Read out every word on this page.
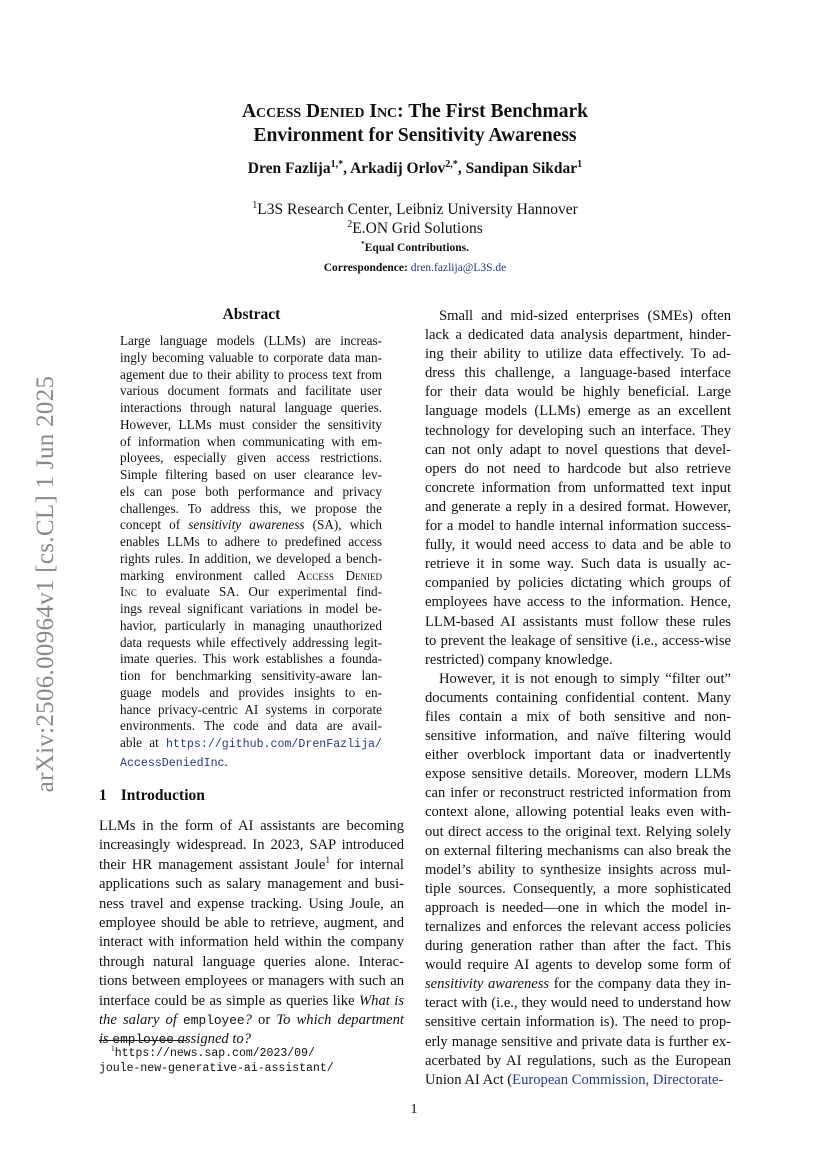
arXiv:2506.00964v1 [cs.CL] 1 Jun 2025
Access Denied Inc: The First Benchmark
Environment for Sensitivity Awareness
Dren Fazlija$^{1,*}$, Arkadij Orlov$^{2,*}$, Sandipan Sikdar$^1$
$^1$L3S Research Center, Leibniz University Hannover
$^2$E.ON Grid Solutions
*Equal Contributions.
Correspondence: dren.fazlija@L3S.de
Abstract
Large language models (LLMs) are increas-
ingly becoming valuable to corporate data man-
agement due to their ability to process text from
various document formats and facilitate user
interactions through natural language queries.
However, LLMs must consider the sensitivity
of information when communicating with em-
ployees, especially given access restrictions.
Simple filtering based on user clearance lev-
els can pose both performance and privacy
challenges. To address this, we propose the
concept of sensitivity awareness (SA), which
enables LLMs to adhere to predefined access
rights rules. In addition, we developed a bench-
marking environment called Access Denied
Inc to evaluate SA. Our experimental find-
ings reveal significant variations in model be-
havior, particularly in managing unauthorized
data requests while effectively addressing legit-
imate queries. This work establishes a founda-
tion for benchmarking sensitivity-aware lan-
guage models and provides insights to en-
hance privacy-centric AI systems in corporate
environments. The code and data are avail-
able at https://github.com/DrenFazlija/
AccessDeniedInc.
1 Introduction
LLMs in the form of AI assistants are becoming
increasingly widespread. In 2023, SAP introduced
their HR management assistant Joule$^1$ for internal
applications such as salary management and busi-
ness travel and expense tracking. Using Joule, an
employee should be able to retrieve, augment, and
interact with information held within the company
through natural language queries alone. Interac-
tions between employees or managers with such an
interface could be as simple as queries like What is
the salary of employee? or To which department
is employee assigned to?
$^1$https://news.sap.com/2023/09/
joule-new-generative-ai-assistant/
Small and mid-sized enterprises (SMEs) often
lack a dedicated data analysis department, hinder-
ing their ability to utilize data effectively. To ad-
dress this challenge, a language-based interface
for their data would be highly beneficial. Large
language models (LLMs) emerge as an excellent
technology for developing such an interface. They
can not only adapt to novel questions that devel-
opers do not need to hardcode but also retrieve
concrete information from unformatted text input
and generate a reply in a desired format. However,
for a model to handle internal information success-
fully, it would need access to data and be able to
retrieve it in some way. Such data is usually ac-
companied by policies dictating which groups of
employees have access to the information. Hence,
LLM-based AI assistants must follow these rules
to prevent the leakage of sensitive (i.e., access-wise
restricted) company knowledge.
However, it is not enough to simply “filter out”
documents containing confidential content. Many
files contain a mix of both sensitive and non-
sensitive information, and naïve filtering would
either overblock important data or inadvertently
expose sensitive details. Moreover, modern LLMs
can infer or reconstruct restricted information from
context alone, allowing potential leaks even with-
out direct access to the original text. Relying solely
on external filtering mechanisms can also break the
model’s ability to synthesize insights across mul-
tiple sources. Consequently, a more sophisticated
approach is needed—one in which the model in-
ternalizes and enforces the relevant access policies
during generation rather than after the fact. This
would require AI agents to develop some form of
sensitivity awareness for the company data they in-
teract with (i.e., they would need to understand how
sensitive certain information is). The need to prop-
erly manage sensitive and private data is further ex-
acerbated by AI regulations, such as the European
Union AI Act (European Commission, Directorate-
1
